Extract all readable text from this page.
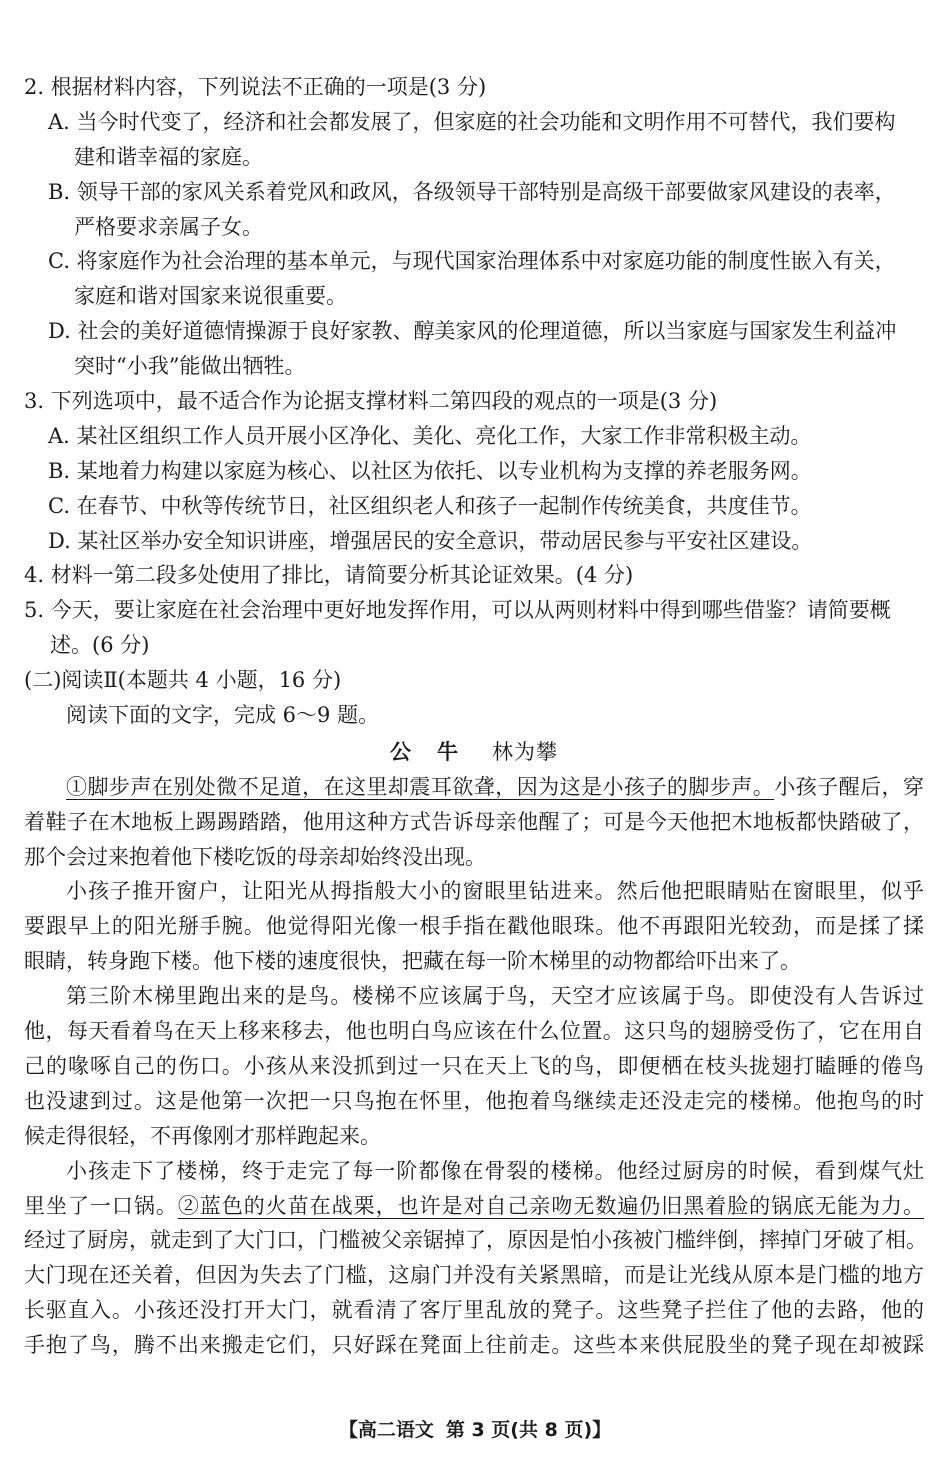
2. 根据材料内容，下列说法不正确的一项是(3 分)
A. 当今时代变了，经济和社会都发展了，但家庭的社会功能和文明作用不可替代，我们要构
建和谐幸福的家庭。
B. 领导干部的家风关系着党风和政风，各级领导干部特别是高级干部要做家风建设的表率，
严格要求亲属子女。
C. 将家庭作为社会治理的基本单元，与现代国家治理体系中对家庭功能的制度性嵌入有关，
家庭和谐对国家来说很重要。
D. 社会的美好道德情操源于良好家教、醇美家风的伦理道德，所以当家庭与国家发生利益冲
突时“小我”能做出牺牲。
3. 下列选项中，最不适合作为论据支撑材料二第四段的观点的一项是(3 分)
A. 某社区组织工作人员开展小区净化、美化、亮化工作，大家工作非常积极主动。
B. 某地着力构建以家庭为核心、以社区为依托、以专业机构为支撑的养老服务网。
C. 在春节、中秋等传统节日，社区组织老人和孩子一起制作传统美食，共度佳节。
D. 某社区举办安全知识讲座，增强居民的安全意识，带动居民参与平安社区建设。
4. 材料一第二段多处使用了排比，请简要分析其论证效果。(4 分)
5. 今天，要让家庭在社会治理中更好地发挥作用，可以从两则材料中得到哪些借鉴？请简要概
述。(6 分)
(二)阅读Ⅱ(本题共 4 小题，16 分)
阅读下面的文字，完成 6～9 题。
公牛 林为攀
①脚步声在别处微不足道，在这里却震耳欲聋，因为这是小孩子的脚步声。小孩子醒后，穿
着鞋子在木地板上踢踢踏踏，他用这种方式告诉母亲他醒了；可是今天他把木地板都快踏破了，
那个会过来抱着他下楼吃饭的母亲却始终没出现。
小孩子推开窗户，让阳光从拇指般大小的窗眼里钻进来。然后他把眼睛贴在窗眼里，似乎
要跟早上的阳光掰手腕。他觉得阳光像一根手指在戳他眼珠。他不再跟阳光较劲，而是揉了揉
眼睛，转身跑下楼。他下楼的速度很快，把藏在每一阶木梯里的动物都给吓出来了。
第三阶木梯里跑出来的是鸟。楼梯不应该属于鸟，天空才应该属于鸟。即使没有人告诉过
他，每天看着鸟在天上移来移去，他也明白鸟应该在什么位置。这只鸟的翅膀受伤了，它在用自
己的喙啄自己的伤口。小孩从来没抓到过一只在天上飞的鸟，即便栖在枝头拢翅打瞌睡的倦鸟
也没逮到过。这是他第一次把一只鸟抱在怀里，他抱着鸟继续走还没走完的楼梯。他抱鸟的时
候走得很轻，不再像刚才那样跑起来。
小孩走下了楼梯，终于走完了每一阶都像在骨裂的楼梯。他经过厨房的时候，看到煤气灶
里坐了一口锅。②蓝色的火苗在战栗，也许是对自己亲吻无数遍仍旧黑着脸的锅底无能为力。
经过了厨房，就走到了大门口，门槛被父亲锯掉了，原因是怕小孩被门槛绊倒，摔掉门牙破了相。
大门现在还关着，但因为失去了门槛，这扇门并没有关紧黑暗，而是让光线从原本是门槛的地方
长驱直入。小孩还没打开大门，就看清了客厅里乱放的凳子。这些凳子拦住了他的去路，他的
手抱了鸟，腾不出来搬走它们，只好踩在凳面上往前走。这些本来供屁股坐的凳子现在却被踩
【高二语文 第 3 页(共 8 页)】
